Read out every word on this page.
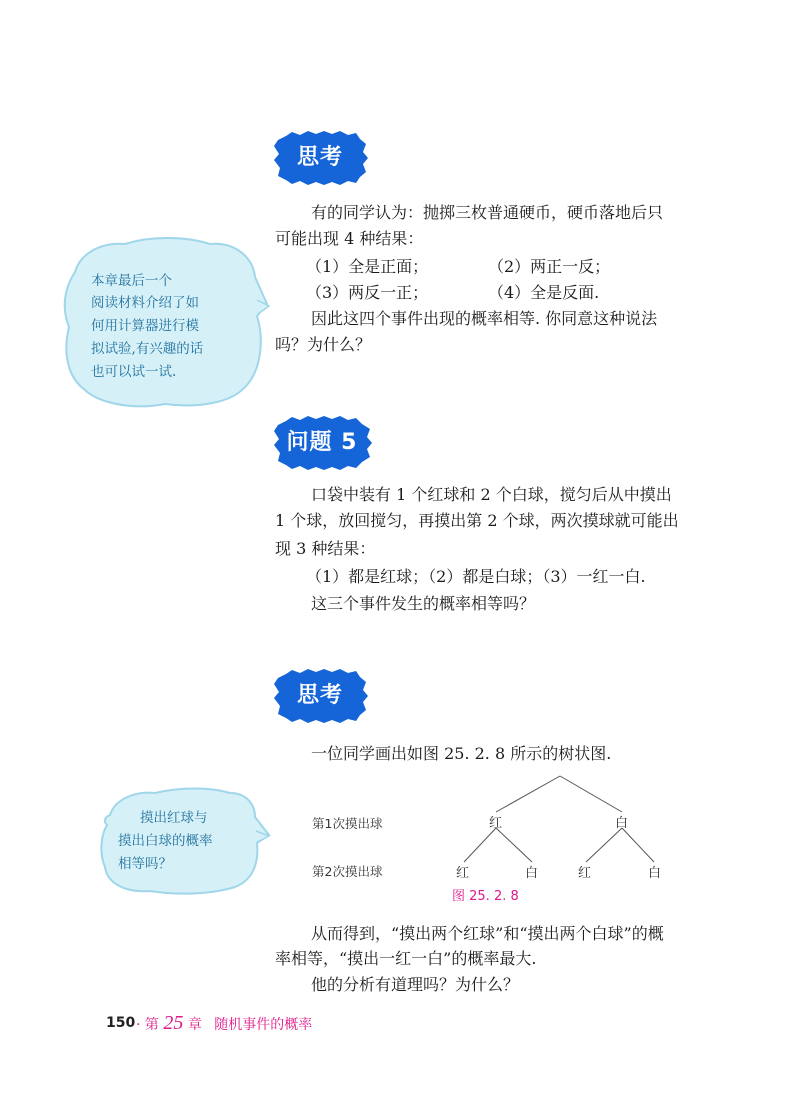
思考
有的同学认为：抛掷三枚普通硬币，硬币落地后只
可能出现 4 种结果：
（1）全是正面；	（2）两正一反；
（3）两反一正；	（4）全是反面.
因此这四个事件出现的概率相等. 你同意这种说法
吗？为什么？
本章最后一个
阅读材料介绍了如
何用计算器进行模
拟试验,有兴趣的话
也可以试一试.
问题 5
口袋中装有 1 个红球和 2 个白球，搅匀后从中摸出
1 个球，放回搅匀，再摸出第 2 个球，两次摸球就可能出
现 3 种结果：
（1）都是红球；（2）都是白球；（3）一红一白.
这三个事件发生的概率相等吗？
思考
一位同学画出如图 25. 2. 8 所示的树状图.
摸出红球与
摸出白球的概率
相等吗？
第1次摸出球
第2次摸出球
红	白
红	白	红	白
图 25. 2. 8
从而得到，“摸出两个红球”和“摸出两个白球”的概
率相等，“摸出一红一白”的概率最大.
他的分析有道理吗？为什么？
150 · 第 25 章 随机事件的概率
